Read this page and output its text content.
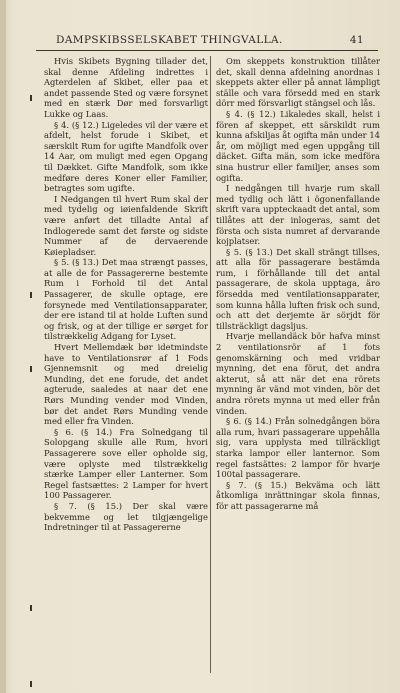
DAMPSKIBSSELSKABET THINGVALLA.	41

Hvis Skibets Bygning tillader det, skal denne Afdeling indrettes i Agterdelen af Skibet, eller paa et andet passende Sted og være forsynet med en stærk Dør med forsvarligt Lukke og Laas.

§ 4. (§ 12.) Ligeledes vil der være et afdelt, helst forude i Skibet, et særskilt Rum for ugifte Mandfolk over 14 Aar, om muligt med egen Opgang til Dækket. Gifte Mandfolk, som ikke medføre deres Koner eller Familier, betragtes som ugifte.

I Nedgangen til hvert Rum skal der med tydelig og iøienfaldende Skrift være anført det tilladte Antal af Indlogerede samt det første og sidste Nummer af de dervaerende Køiepladser.

§ 5. (§ 13.) Det maa strængt passes, at alle de for Passagererne bestemte Rum i Forhold til det Antal Passagerer, de skulle optage, ere forsynede med Ventilationsapparater, der ere istand til at holde Luften sund og frisk, og at der tillige er sørget for tilstrækkelig Adgang for Lyset.

Hvert Mellemdæk bør idetmindste have to Ventilationsrør af 1 Fods Gjennemsnit og med dreielig Munding, det ene forude, det andet agterude, saaledes at naar det ene Rørs Munding vender mod Vinden, bør det andet Rørs Munding vende med eller fra Vinden.

§ 6. (§ 14.) Fra Solnedgang til Solopgang skulle alle Rum, hvori Passagerere sove eller opholde sig, være oplyste med tilstrækkelig stærke Lamper eller Lanterner. Som Regel fastsættes: 2 Lamper for hvert 100 Passagerer.

§ 7. (§ 15.) Der skal være bekvemme og let tilgjængelige Indretninger til at Passagererne

Om skeppets konstruktion tillåter det, skall denna afdelning anordnas i skeppets akter eller på annat lämpligt ställe och vara försedd med en stark dörr med försvarligt stängsel och lås.

§ 4. (§ 12.) Likaledes skall, helst i fören af skeppet, ett särskildt rum kunna afskiljas åt ogifta män under 14 år, om möjligt med egen uppgång till däcket. Gifta män, som icke medföra sina hustrur eller familjer, anses som ogifta.

I nedgången till hvarje rum skall med tydlig och lätt i ögonenfallande skrift vara uppteckaadt det antal, som tillåtes att der inlogeras, samt det första och sista numret af dervarande kojplatser.

§ 5. (§ 13.) Det skall strängt tillses, att alla för passagerare bestämda rum, i förhållande till det antal passagerare, de skola upptaga, äro försedda med ventilationsapparater, som kunna hålla luften frisk och sund, och att det derjemte är sörjdt för tillsträckligt dagsljus.

Hvarje mellandäck bör hafva minst 2 ventilationsrör af 1 fots genomskärning och med vridbar mynning, det ena förut, det andra akterut, så att när det ena rörets mynning är vänd mot vinden, bör det andra rörets mynna ut med eller från vinden.

§ 6. (§ 14.) Från solnedgången böra alla rum, hvari passagerare uppehålla sig, vara upplysta med tillräckligt starka lampor eller lanternor. Som regel fastsättes: 2 lampor för hvarje 100tal passagerare.

§ 7. (§ 15.) Bekväma och lätt åtkomliga inrättningar skola finnas, för att passagerarne må
